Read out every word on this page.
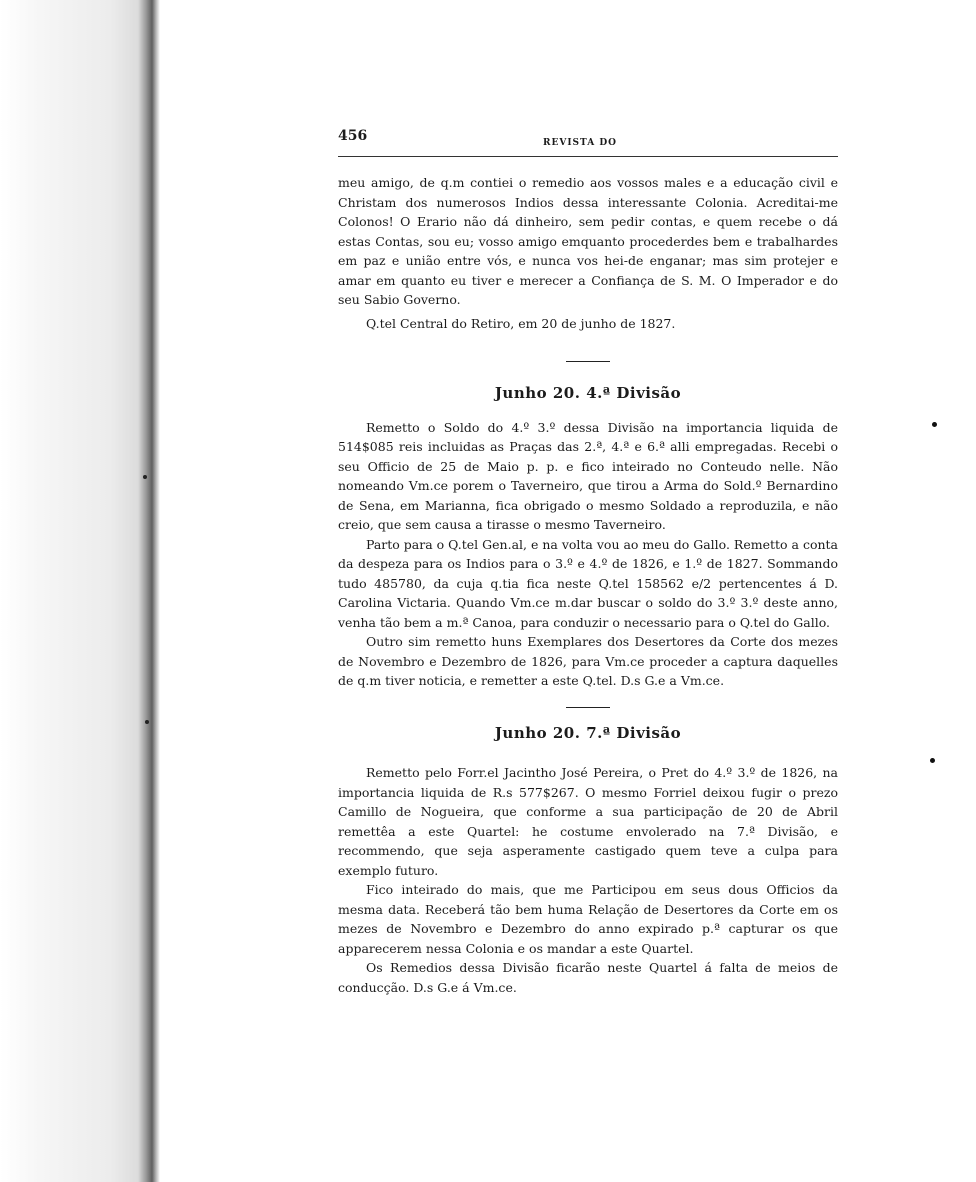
456	REVISTA DO

meu amigo, de q.m contiei o remedio aos vossos males e a educação civil e Christam dos numerosos Indios dessa interessante Colonia. Acreditai-me Colonos! O Erario não dá dinheiro, sem pedir contas, e quem recebe o dá estas Contas, sou eu; vosso amigo emquanto procederdes bem e trabalhardes em paz e união entre vós, e nunca vos hei-de enganar; mas sim protejer e amar em quanto eu tiver e merecer a Confiança de S. M. O Imperador e do seu Sabio Governo.

Q.tel Central do Retiro, em 20 de junho de 1827.

Junho 20. 4.ª Divisão

Remetto o Soldo do 4.º 3.º dessa Divisão na importancia liquida de 514$085 reis incluidas as Praças das 2.ª, 4.ª e 6.ª alli empregadas. Recebi o seu Officio de 25 de Maio p. p. e fico inteirado no Conteudo nelle. Não nomeando Vm.ce porem o Taverneiro, que tirou a Arma do Sold.º Bernardino de Sena, em Marianna, fica obrigado o mesmo Soldado a reproduzila, e não creio, que sem causa a tirasse o mesmo Taverneiro.

Parto para o Q.tel Gen.al, e na volta vou ao meu do Gallo. Remetto a conta da despeza para os Indios para o 3.º e 4.º de 1826, e 1.º de 1827. Sommando tudo 485780, da cuja q.tia fica neste Q.tel 158562 e/2 pertencentes á D. Carolina Victaria. Quando Vm.ce m.dar buscar o soldo do 3.º 3.º deste anno, venha tão bem a m.ª Canoa, para conduzir o necessario para o Q.tel do Gallo.

Outro sim remetto huns Exemplares dos Desertores da Corte dos mezes de Novembro e Dezembro de 1826, para Vm.ce proceder a captura daquelles de q.m tiver noticia, e remetter a este Q.tel. D.s G.e a Vm.ce.

Junho 20. 7.ª Divisão

Remetto pelo Forr.el Jacintho José Pereira, o Pret do 4.º 3.º de 1826, na importancia liquida de R.s 577$267. O mesmo Forriel deixou fugir o prezo Camillo de Nogueira, que conforme a sua participação de 20 de Abril remettêa a este Quartel: he costume envolerado na 7.ª Divisão, e recommendo, que seja asperamente castigado quem teve a culpa para exemplo futuro.

Fico inteirado do mais, que me Participou em seus dous Officios da mesma data. Receberá tão bem huma Relação de Desertores da Corte em os mezes de Novembro e Dezembro do anno expirado p.ª capturar os que apparecerem nessa Colonia e os mandar a este Quartel.

Os Remedios dessa Divisão ficarão neste Quartel á falta de meios de conducção. D.s G.e á Vm.ce.
